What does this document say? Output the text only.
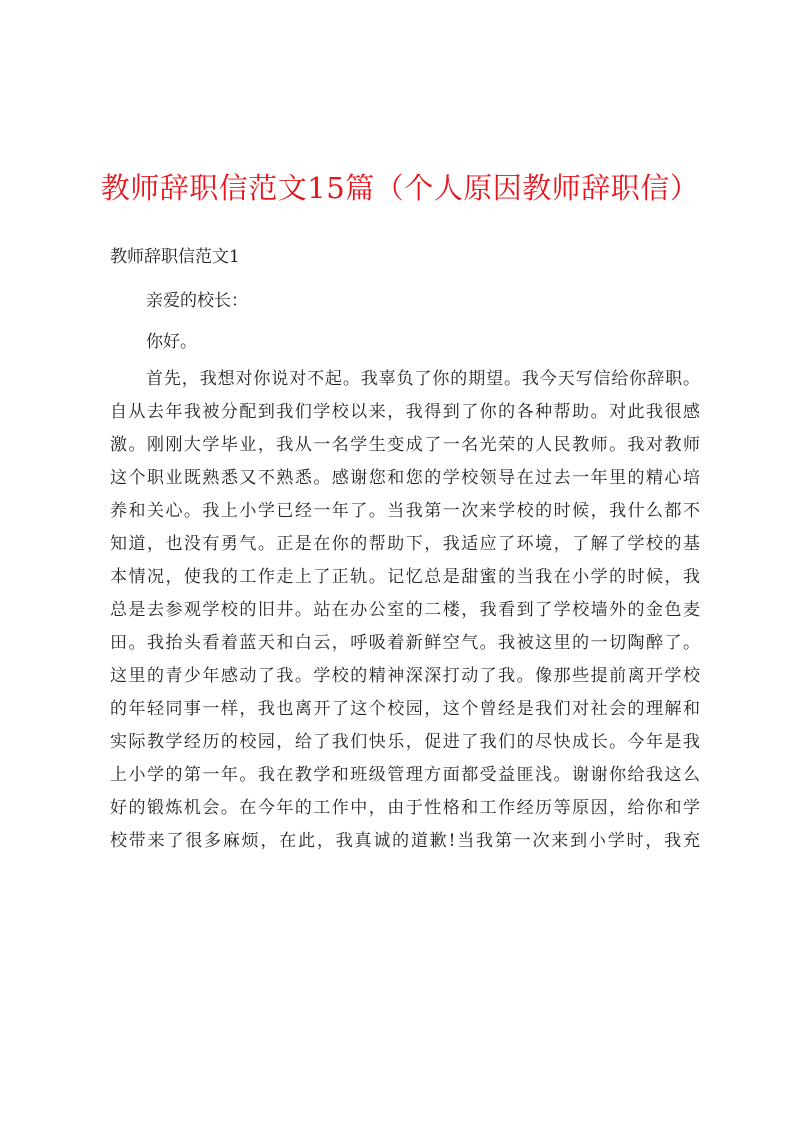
教师辞职信范文15篇（个人原因教师辞职信）

教师辞职信范文1

亲爱的校长：

你好。

首先，我想对你说对不起。我辜负了你的期望。我今天写信给你辞职。
自从去年我被分配到我们学校以来，我得到了你的各种帮助。对此我很感
激。刚刚大学毕业，我从一名学生变成了一名光荣的人民教师。我对教师
这个职业既熟悉又不熟悉。感谢您和您的学校领导在过去一年里的精心培
养和关心。我上小学已经一年了。当我第一次来学校的时候，我什么都不
知道，也没有勇气。正是在你的帮助下，我适应了环境，了解了学校的基
本情况，使我的工作走上了正轨。记忆总是甜蜜的当我在小学的时候，我
总是去参观学校的旧井。站在办公室的二楼，我看到了学校墙外的金色麦
田。我抬头看着蓝天和白云，呼吸着新鲜空气。我被这里的一切陶醉了。
这里的青少年感动了我。学校的精神深深打动了我。像那些提前离开学校
的年轻同事一样，我也离开了这个校园，这个曾经是我们对社会的理解和
实际教学经历的校园，给了我们快乐，促进了我们的尽快成长。今年是我
上小学的第一年。我在教学和班级管理方面都受益匪浅。谢谢你给我这么
好的锻炼机会。在今年的工作中，由于性格和工作经历等原因，给你和学
校带来了很多麻烦，在此，我真诚的道歉!当我第一次来到小学时，我充
